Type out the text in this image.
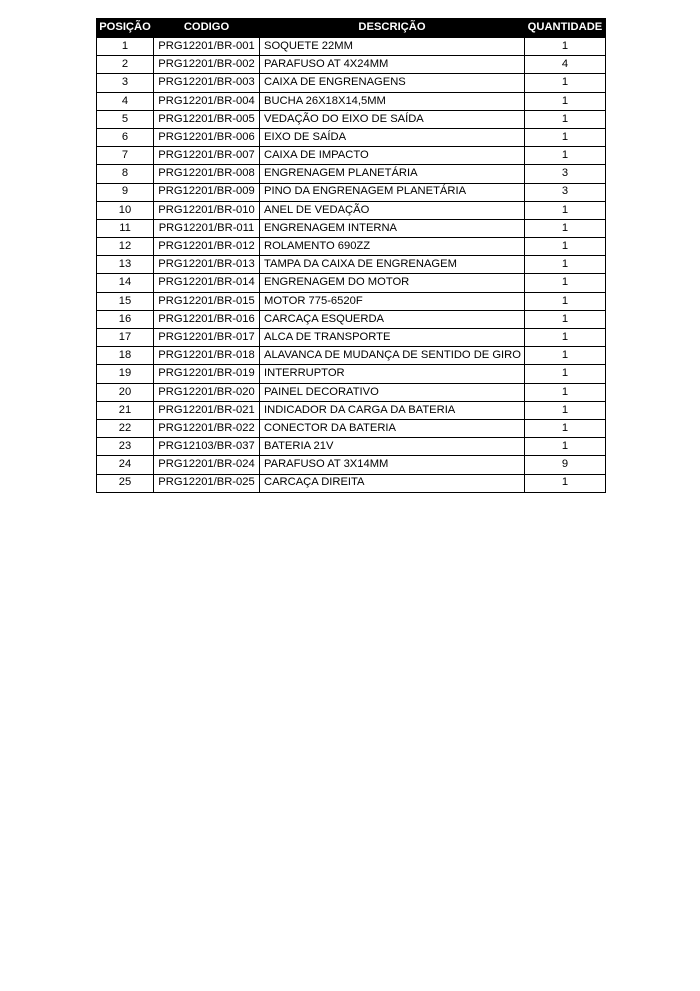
POSIÇÃO	CODIGO	DESCRIÇÃO	QUANTIDADE
1	PRG12201/BR-001	SOQUETE 22MM	1
2	PRG12201/BR-002	PARAFUSO AT 4X24MM	4
3	PRG12201/BR-003	CAIXA DE ENGRENAGENS	1
4	PRG12201/BR-004	BUCHA 26X18X14,5MM	1
5	PRG12201/BR-005	VEDAÇÃO DO EIXO DE SAÍDA	1
6	PRG12201/BR-006	EIXO DE SAÍDA	1
7	PRG12201/BR-007	CAIXA DE IMPACTO	1
8	PRG12201/BR-008	ENGRENAGEM PLANETÁRIA	3
9	PRG12201/BR-009	PINO DA ENGRENAGEM PLANETÁRIA	3
10	PRG12201/BR-010	ANEL DE VEDAÇÃO	1
11	PRG12201/BR-011	ENGRENAGEM INTERNA	1
12	PRG12201/BR-012	ROLAMENTO 690ZZ	1
13	PRG12201/BR-013	TAMPA DA CAIXA DE ENGRENAGEM	1
14	PRG12201/BR-014	ENGRENAGEM DO MOTOR	1
15	PRG12201/BR-015	MOTOR 775-6520F	1
16	PRG12201/BR-016	CARCAÇA ESQUERDA	1
17	PRG12201/BR-017	ALCA DE TRANSPORTE	1
18	PRG12201/BR-018	ALAVANCA DE MUDANÇA DE SENTIDO DE GIRO	1
19	PRG12201/BR-019	INTERRUPTOR	1
20	PRG12201/BR-020	PAINEL DECORATIVO	1
21	PRG12201/BR-021	INDICADOR DA CARGA DA BATERIA	1
22	PRG12201/BR-022	CONECTOR DA BATERIA	1
23	PRG12103/BR-037	BATERIA 21V	1
24	PRG12201/BR-024	PARAFUSO AT 3X14MM	9
25	PRG12201/BR-025	CARCAÇA DIREITA	1
